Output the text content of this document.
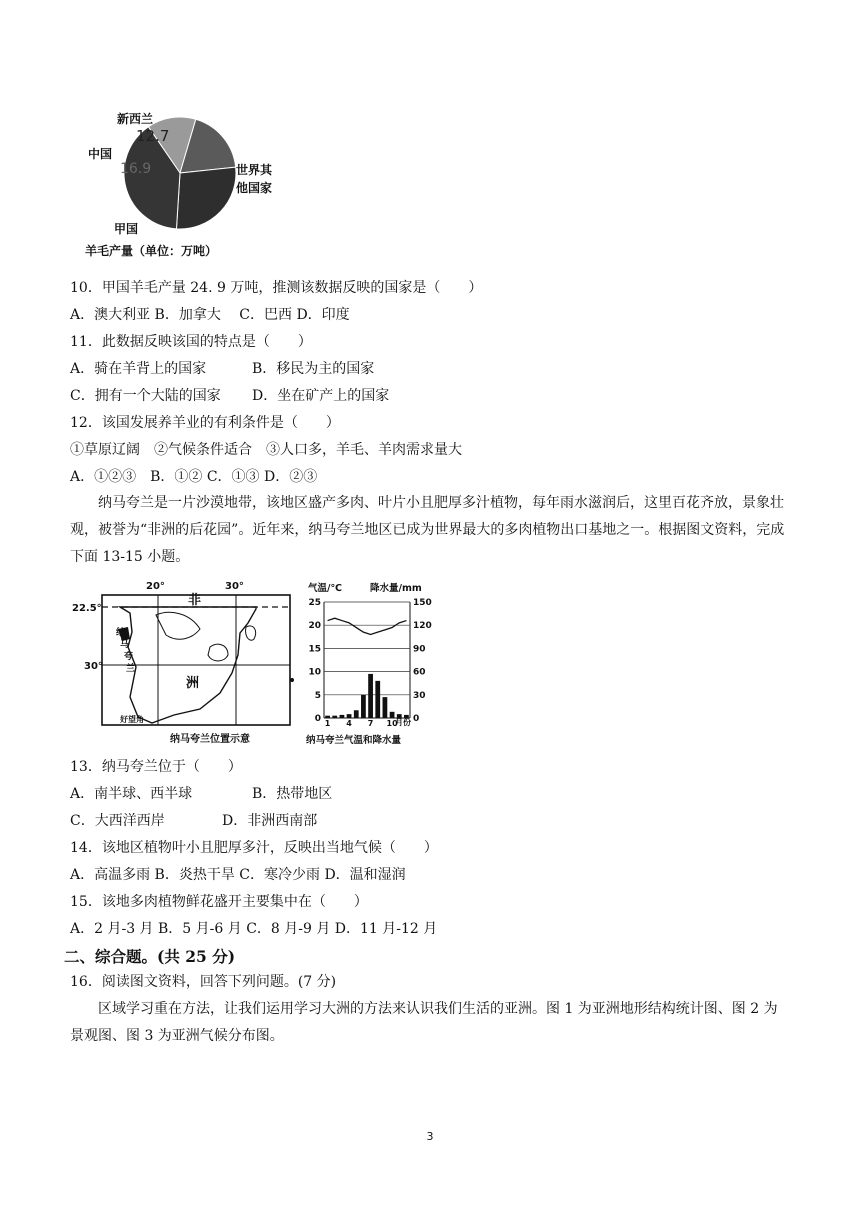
新西兰
中国
世界其
他国家
甲国
羊毛产量（单位：万吨）
12.7
16.9
10．甲国羊毛产量 24. 9 万吨，推测该数据反映的国家是（　　）
A．澳大利亚 B．加拿大　 C．巴西 D．印度
11．此数据反映该国的特点是（　　）
A．骑在羊背上的国家	B．移民为主的国家
C．拥有一个大陆的国家 D．坐在矿产上的国家
12．该国发展养羊业的有利条件是（　　）
①草原辽阔　②气候条件适合　③人口多，羊毛、羊肉需求量大
A．①②③　B．①② C．①③ D．②③
纳马夸兰是一片沙漠地带，该地区盛产多肉、叶片小且肥厚多汁植物，每年雨水滋润后，这里百花齐放，景象壮观，被誉为“非洲的后花园”。近年来，纳马夸兰地区已成为世界最大的多肉植物出口基地之一。根据图文资料，完成下面 13-15 小题。
20°	30°
22.5°
30°
非
洲
纳
马
夸
兰
好望角
纳马夸兰位置示意
气温/℃	降水量/mm
0
5
10
15
20
25
0
30
60
90
120
150
1 4 7 10
月份
纳马夸兰气温和降水量
13．纳马夸兰位于（　　）
A．南半球、西半球	B．热带地区
C．大西洋西岸	D．非洲西南部
14．该地区植物叶小且肥厚多汁，反映出当地气候（　　）
A．高温多雨 B．炎热干旱 C．寒冷少雨 D．温和湿润
15．该地多肉植物鲜花盛开主要集中在（　　）
A．2 月-3 月 B．5 月-6 月 C．8 月-9 月 D．11 月-12 月
二、综合题。(共 25 分)
16．阅读图文资料，回答下列问题。(7 分)
区域学习重在方法，让我们运用学习大洲的方法来认识我们生活的亚洲。图 1 为亚洲地形结构统计图、图 2 为景观图、图 3 为亚洲气候分布图。
3
